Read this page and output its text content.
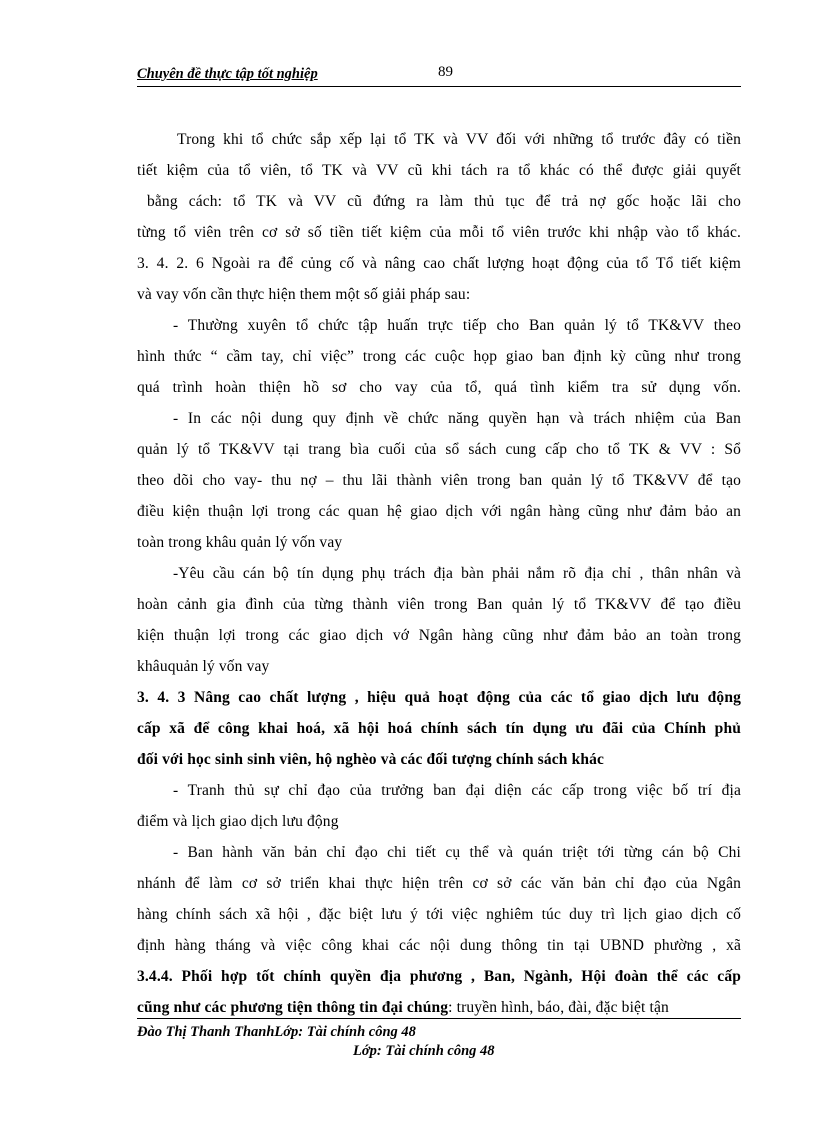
Chuyên đề thực tập tốt nghiệp	89
Trong khi tổ chức sắp xếp lại tổ TK và VV đối với những tổ trước đây có tiền
tiết kiệm của tổ viên, tổ TK và VV cũ khi tách ra tổ khác có thể được giải quyết
bằng cách: tổ TK và VV cũ đứng ra làm thủ tục để trả nợ gốc hoặc lãi cho
từng tổ viên trên cơ sở số tiền tiết kiệm của mỗi tổ viên trước khi nhập vào tổ khác.
3. 4. 2. 6 Ngoài ra để củng cố và nâng cao chất lượng hoạt động của tổ Tổ tiết kiệm
và vay vốn cần thực hiện them một số giải pháp sau:
- Thường xuyên tổ chức tập huấn trực tiếp cho Ban quản lý tổ TK&VV theo
hình thức “ cầm tay, chỉ việc” trong các cuộc họp giao ban định kỳ cũng như trong
quá trình hoàn thiện hồ sơ cho vay của tổ, quá tình kiểm tra sử dụng vốn.
- In các nội dung quy định về chức năng quyền hạn và trách nhiệm của Ban
quản lý tổ TK&VV tại trang bìa cuối của sổ sách cung cấp cho tổ TK & VV : Sổ
theo dõi cho vay- thu nợ – thu lãi thành viên trong ban quản lý tổ TK&VV để tạo
điều kiện thuận lợi trong các quan hệ giao dịch với ngân hàng cũng như đảm bảo an
toàn trong khâu quản lý vốn vay
-Yêu cầu cán bộ tín dụng phụ trách địa bàn phải nắm rõ địa chỉ , thân nhân và
hoàn cảnh gia đình của từng thành viên trong Ban quản lý tổ TK&VV để tạo điều
kiện thuận lợi trong các giao dịch vớ Ngân hàng cũng như đảm bảo an toàn trong
khâuquản lý vốn vay
3. 4. 3 Nâng cao chất lượng , hiệu quả hoạt động của các tổ giao dịch lưu động
cấp xã để công khai hoá, xã hội hoá chính sách tín dụng ưu đãi của Chính phủ
đối với học sinh sinh viên, hộ nghèo và các đối tượng chính sách khác
- Tranh thủ sự chỉ đạo của trưởng ban đại diện các cấp trong việc bố trí địa
điểm và lịch giao dịch lưu động
- Ban hành văn bản chỉ đạo chi tiết cụ thể và quán triệt tới từng cán bộ Chi
nhánh để làm cơ sở triển khai thực hiện trên cơ sở các văn bản chỉ đạo của Ngân
hàng chính sách xã hội , đặc biệt lưu ý tới việc nghiêm túc duy trì lịch giao dịch cố
định hàng tháng và việc công khai các nội dung thông tin tại UBND phường , xã
3.4.4. Phối hợp tốt chính quyền địa phương , Ban, Ngành, Hội đoàn thể các cấp
cũng như các phương tiện thông tin đại chúng: truyền hình, báo, đài, đặc biệt tận
Đào Thị Thanh ThanhLớp: Tài chính công 48
Lớp: Tài chính công 48
